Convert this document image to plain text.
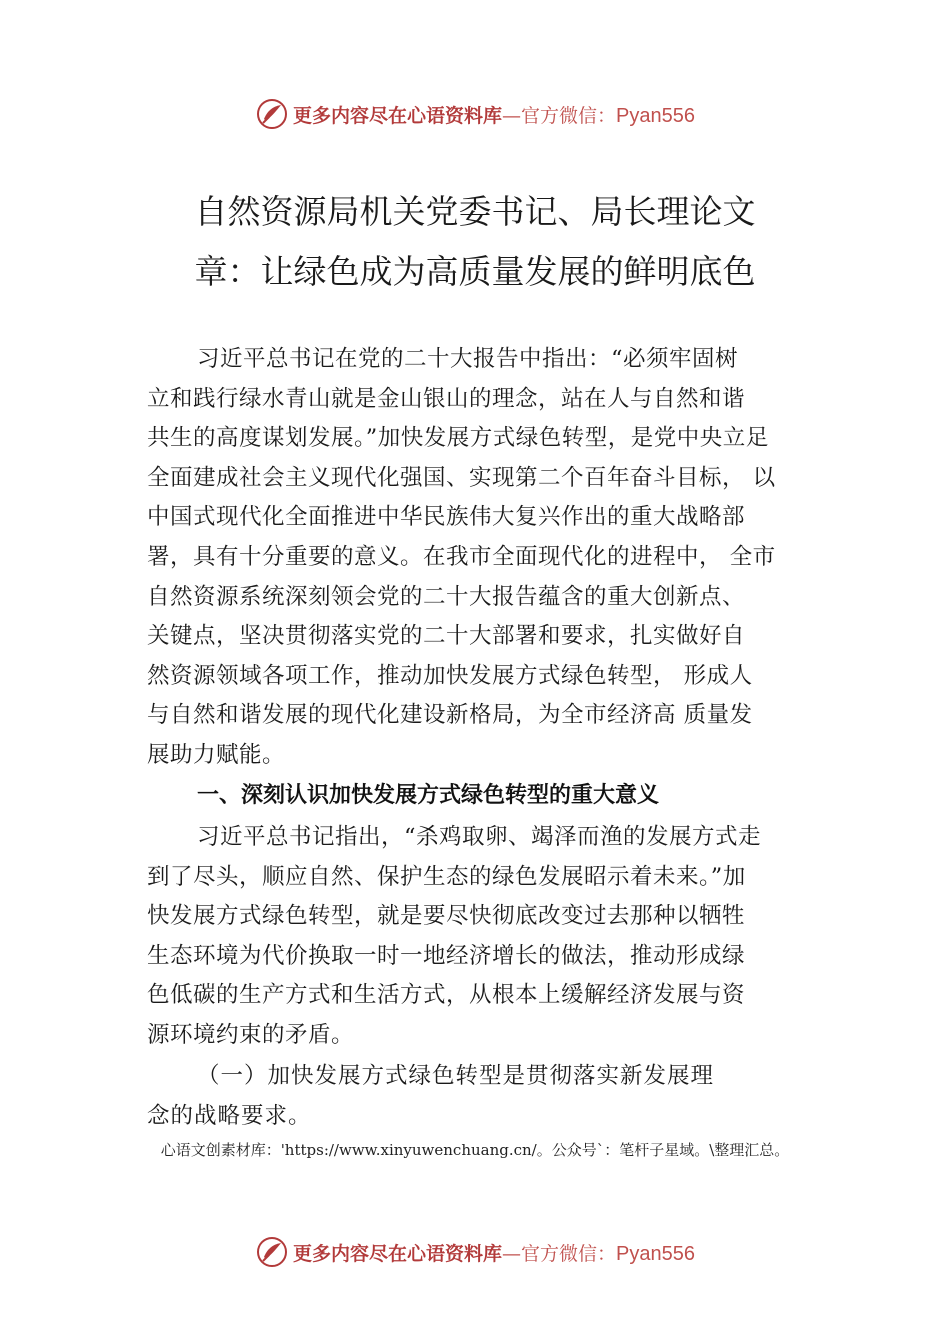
更多内容尽在心语资料库—官方微信：Pyan556
自然资源局机关党委书记、局长理论文
章：让绿色成为高质量发展的鲜明底色
习近平总书记在党的二十大报告中指出：“必须牢固树
立和践行绿水青山就是金山银山的理念，站在人与自然和谐
共生的高度谋划发展。”加快发展方式绿色转型，是党中央立足
全面建成社会主义现代化强国、实现第二个百年奋斗目标， 以
中国式现代化全面推进中华民族伟大复兴作出的重大战略部
署，具有十分重要的意义。在我市全面现代化的进程中， 全市
自然资源系统深刻领会党的二十大报告蕴含的重大创新点、
关键点，坚决贯彻落实党的二十大部署和要求，扎实做好自
然资源领域各项工作，推动加快发展方式绿色转型， 形成人
与自然和谐发展的现代化建设新格局，为全市经济高 质量发
展助力赋能。
一、深刻认识加快发展方式绿色转型的重大意义
习近平总书记指出，“杀鸡取卵、竭泽而渔的发展方式走
到了尽头，顺应自然、保护生态的绿色发展昭示着未来。”加
快发展方式绿色转型，就是要尽快彻底改变过去那种以牺牲
生态环境为代价换取一时一地经济增长的做法，推动形成绿
色低碳的生产方式和生活方式，从根本上缓解经济发展与资
源环境约束的矛盾。
（一）加快发展方式绿色转型是贯彻落实新发展理
念的战略要求。
心语文创素材库：'https://www.xinyuwenchuang.cn/。公众号`：笔杆子星域。\整理汇总。
更多内容尽在心语资料库—官方微信：Pyan556
